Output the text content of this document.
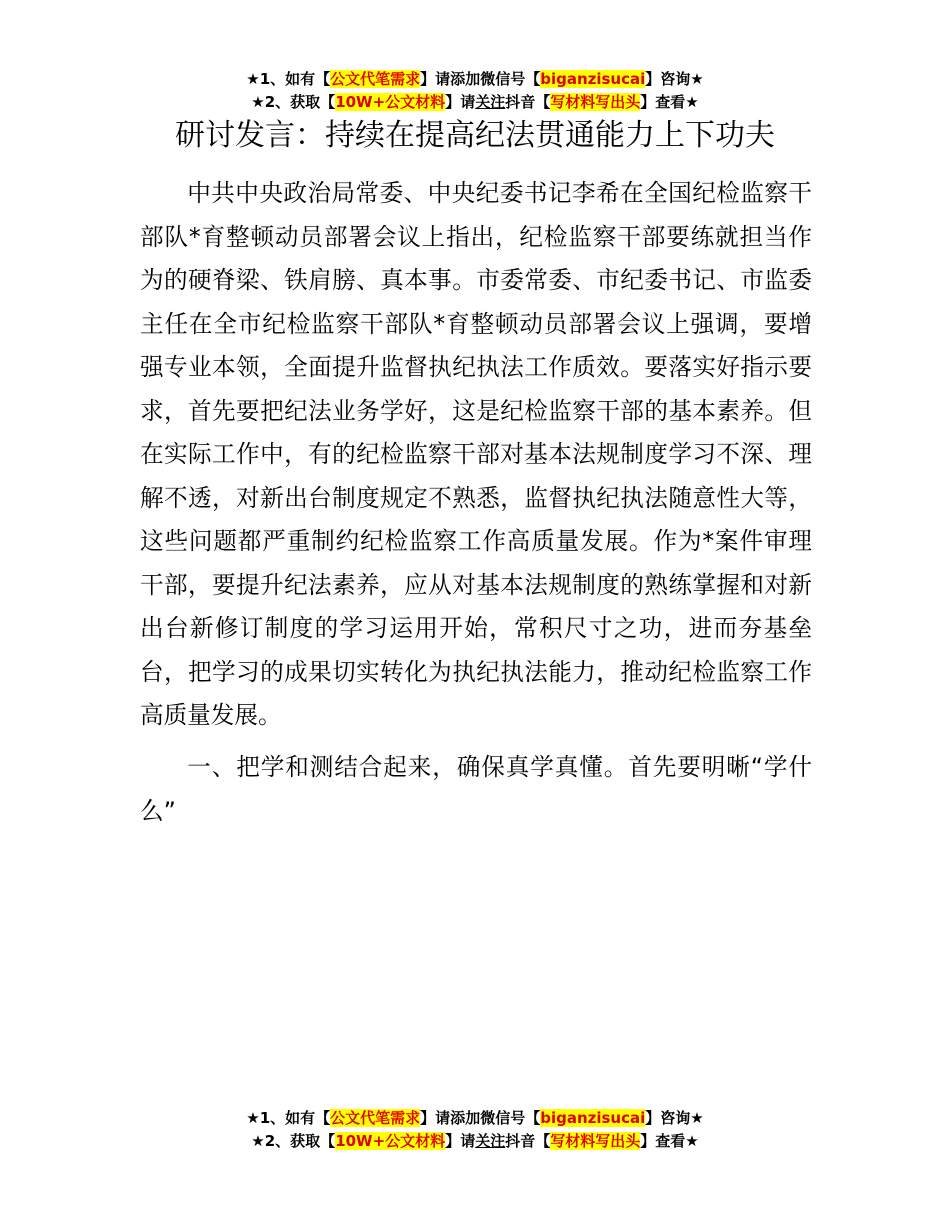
★1、如有【公文代笔需求】请添加微信号【biganzisucai】咨询★
★2、获取【10W+公文材料】请关注抖音【写材料写出头】查看★
研讨发言：持续在提高纪法贯通能力上下功夫

中共中央政治局常委、中央纪委书记李希在全国纪检监察干部队*育整顿动员部署会议上指出，纪检监察干部要练就担当作为的硬脊梁、铁肩膀、真本事。市委常委、市纪委书记、市监委主任在全市纪检监察干部队*育整顿动员部署会议上强调，要增强专业本领，全面提升监督执纪执法工作质效。要落实好指示要求，首先要把纪法业务学好，这是纪检监察干部的基本素养。但在实际工作中，有的纪检监察干部对基本法规制度学习不深、理解不透，对新出台制度规定不熟悉，监督执纪执法随意性大等，这些问题都严重制约纪检监察工作高质量发展。作为*案件审理干部，要提升纪法素养，应从对基本法规制度的熟练掌握和对新出台新修订制度的学习运用开始，常积尺寸之功，进而夯基垒台，把学习的成果切实转化为执纪执法能力，推动纪检监察工作高质量发展。

一、把学和测结合起来，确保真学真懂。首先要明晰“学什么”

★1、如有【公文代笔需求】请添加微信号【biganzisucai】咨询★
★2、获取【10W+公文材料】请关注抖音【写材料写出头】查看★
